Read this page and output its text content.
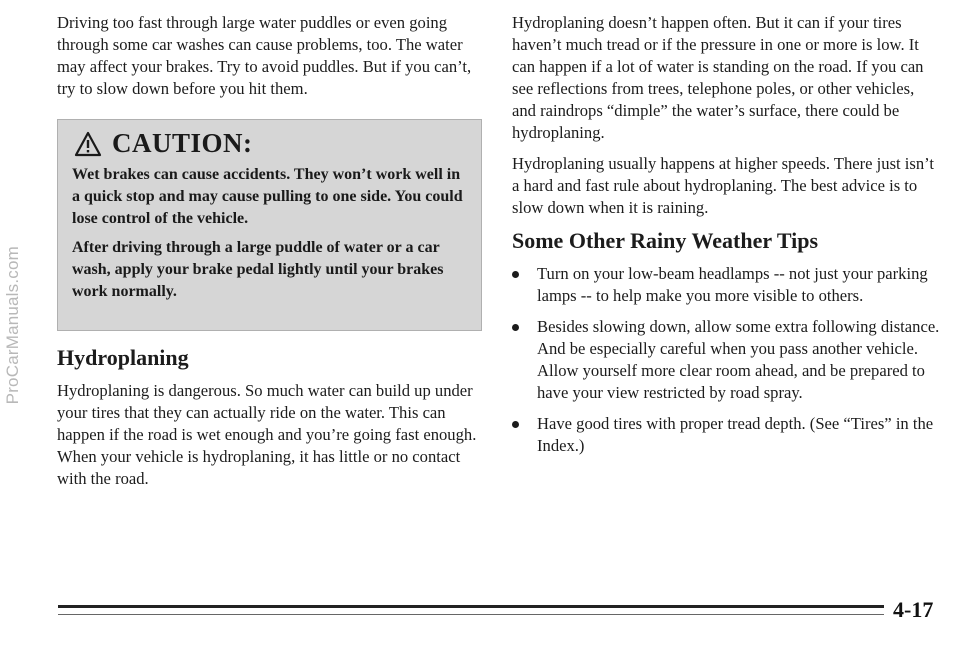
ProCarManuals.com

Driving too fast through large water puddles or even going through some car washes can cause problems, too. The water may affect your brakes. Try to avoid puddles. But if you can’t, try to slow down before you hit them.

CAUTION:

Wet brakes can cause accidents. They won’t work well in a quick stop and may cause pulling to one side. You could lose control of the vehicle.

After driving through a large puddle of water or a car wash, apply your brake pedal lightly until your brakes work normally.

Hydroplaning

Hydroplaning is dangerous. So much water can build up under your tires that they can actually ride on the water. This can happen if the road is wet enough and you’re going fast enough. When your vehicle is hydroplaning, it has little or no contact with the road.

Hydroplaning doesn’t happen often. But it can if your tires haven’t much tread or if the pressure in one or more is low. It can happen if a lot of water is standing on the road. If you can see reflections from trees, telephone poles, or other vehicles, and raindrops “dimple” the water’s surface, there could be hydroplaning.

Hydroplaning usually happens at higher speeds. There just isn’t a hard and fast rule about hydroplaning. The best advice is to slow down when it is raining.

Some Other Rainy Weather Tips
Turn on your low-beam headlamps -- not just your parking lamps -- to help make you more visible to others.
Besides slowing down, allow some extra following distance. And be especially careful when you pass another vehicle. Allow yourself more clear room ahead, and be prepared to have your view restricted by road spray.
Have good tires with proper tread depth. (See “Tires” in the Index.)
4-17
